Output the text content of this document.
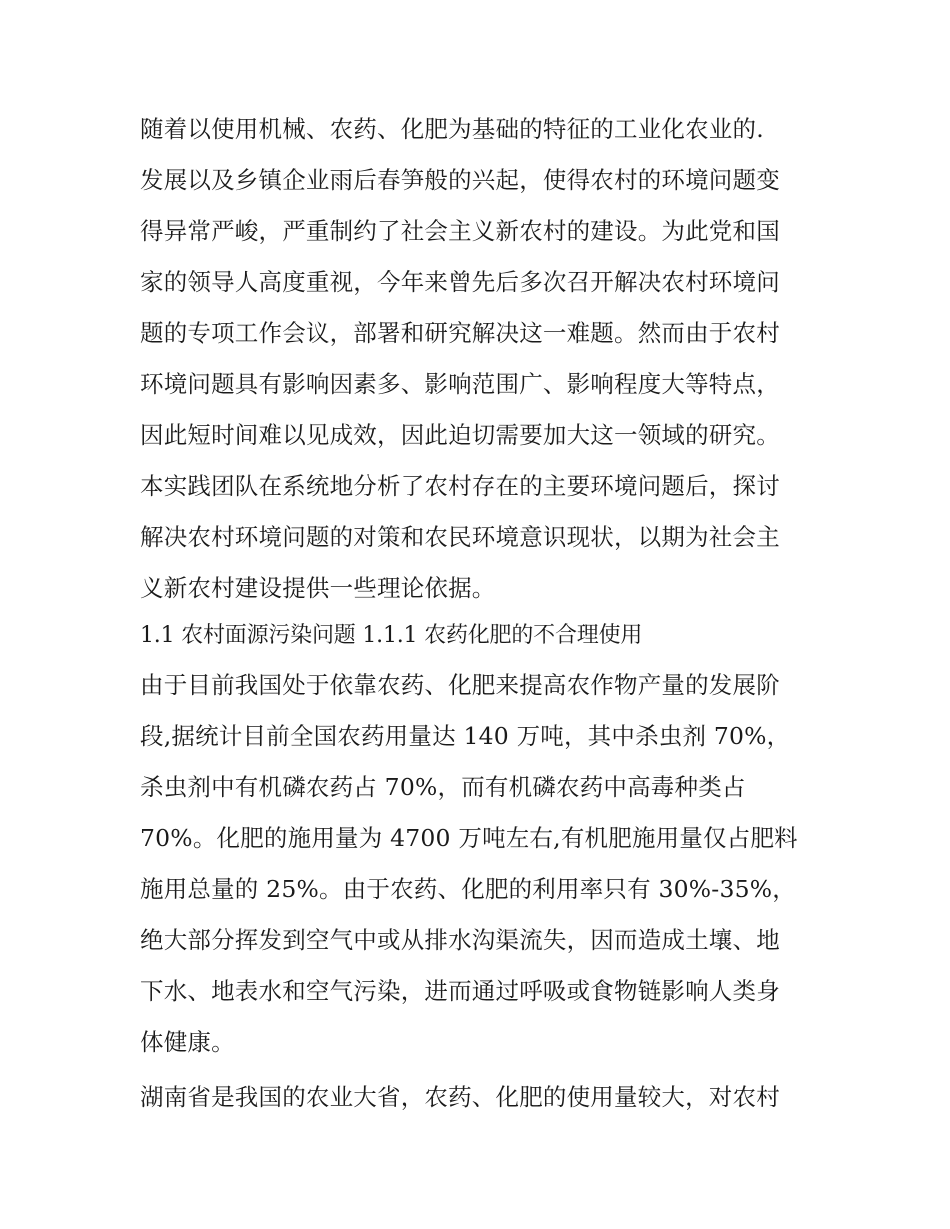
随着以使用机械、农药、化肥为基础的特征的工业化农业的.
发展以及乡镇企业雨后春笋般的兴起，使得农村的环境问题变
得异常严峻，严重制约了社会主义新农村的建设。为此党和国
家的领导人高度重视，今年来曾先后多次召开解决农村环境问
题的专项工作会议，部署和研究解决这一难题。然而由于农村
环境问题具有影响因素多、影响范围广、影响程度大等特点，
因此短时间难以见成效，因此迫切需要加大这一领域的研究。
本实践团队在系统地分析了农村存在的主要环境问题后，探讨
解决农村环境问题的对策和农民环境意识现状，以期为社会主
义新农村建设提供一些理论依据。
1.1 农村面源污染问题 1.1.1 农药化肥的不合理使用
由于目前我国处于依靠农药、化肥来提高农作物产量的发展阶
段,据统计目前全国农药用量达 140 万吨，其中杀虫剂 70%，
杀虫剂中有机磷农药占 70%，而有机磷农药中高毒种类占
70%。化肥的施用量为 4700 万吨左右,有机肥施用量仅占肥料
施用总量的 25%。由于农药、化肥的利用率只有 30%-35%，
绝大部分挥发到空气中或从排水沟渠流失，因而造成土壤、地
下水、地表水和空气污染，进而通过呼吸或食物链影响人类身
体健康。
湖南省是我国的农业大省，农药、化肥的使用量较大，对农村
